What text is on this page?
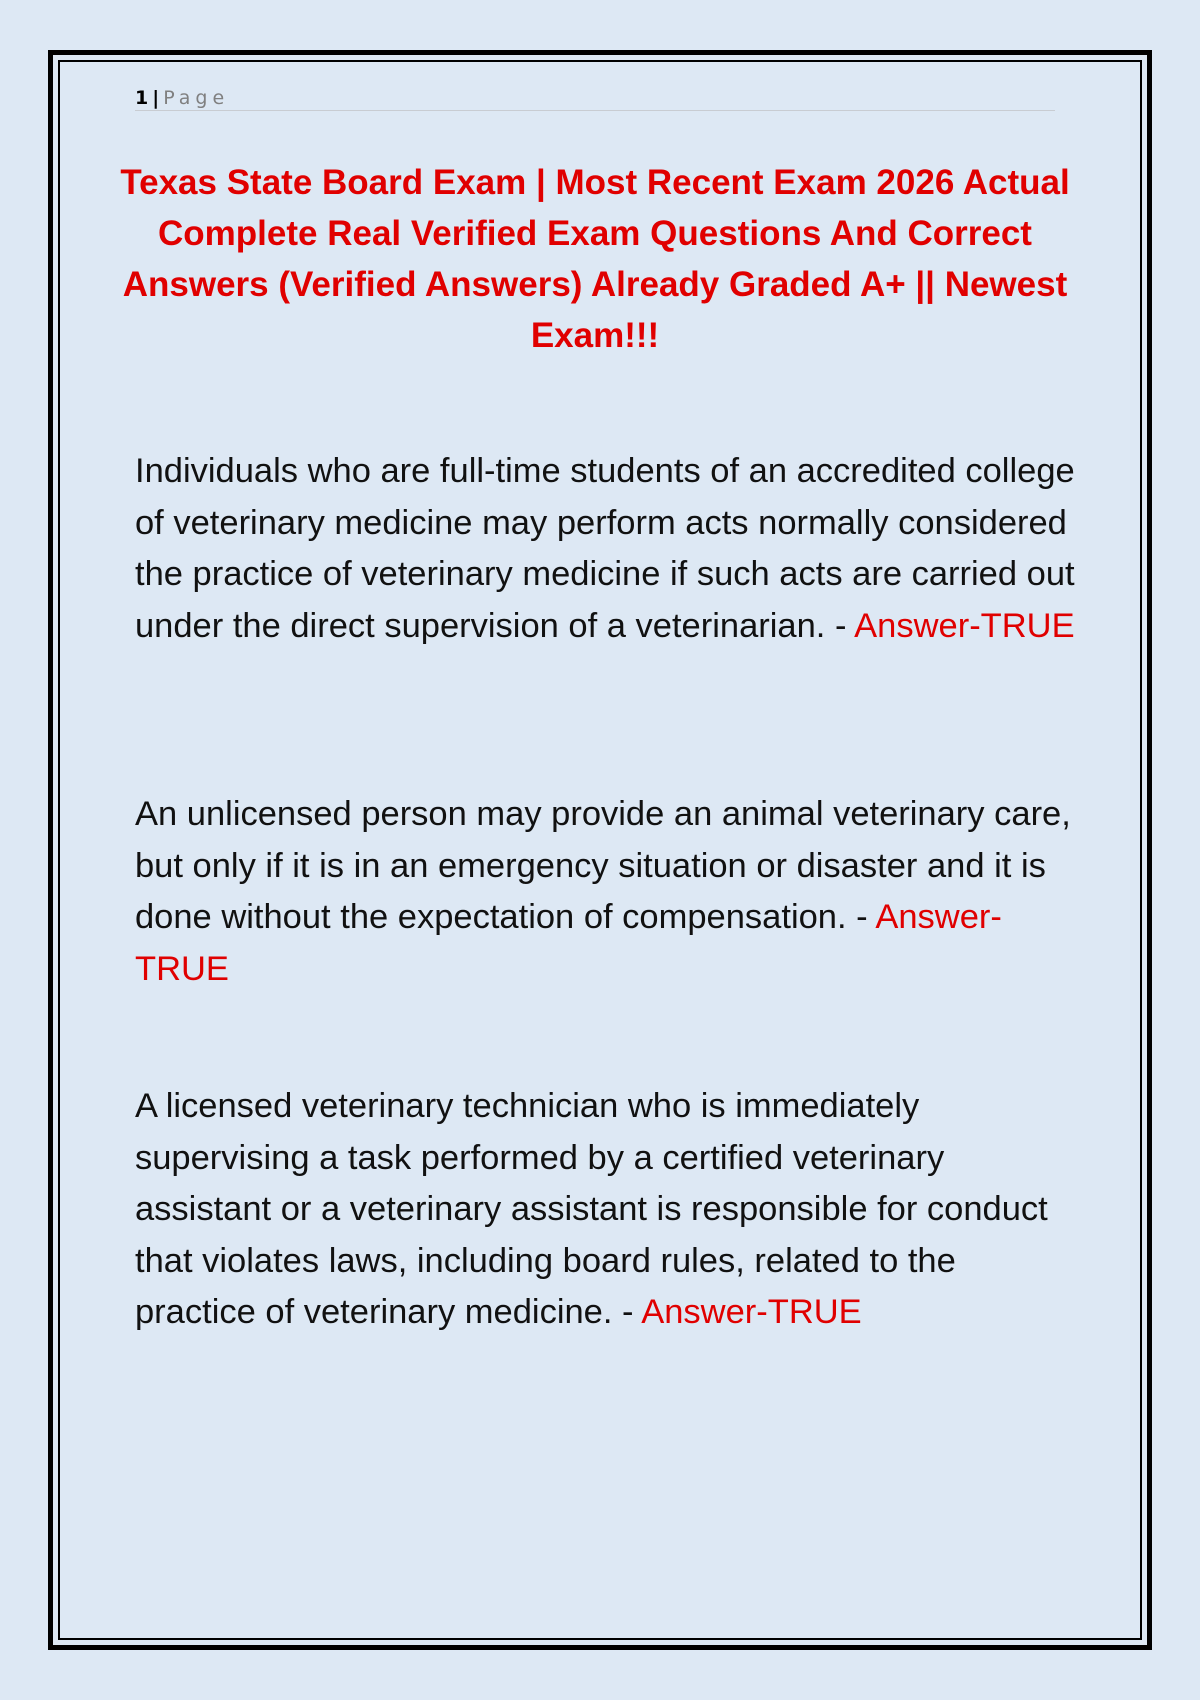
1 | Page
Texas State Board Exam | Most Recent Exam 2026 Actual Complete Real Verified Exam Questions And Correct Answers (Verified Answers) Already Graded A+ || Newest Exam!!!

Individuals who are full-time students of an accredited college of veterinary medicine may perform acts normally considered the practice of veterinary medicine if such acts are carried out under the direct supervision of a veterinarian. - Answer-TRUE

An unlicensed person may provide an animal veterinary care, but only if it is in an emergency situation or disaster and it is done without the expectation of compensation. - Answer-TRUE

A licensed veterinary technician who is immediately supervising a task performed by a certified veterinary assistant or a veterinary assistant is responsible for conduct that violates laws, including board rules, related to the practice of veterinary medicine. - Answer-TRUE
